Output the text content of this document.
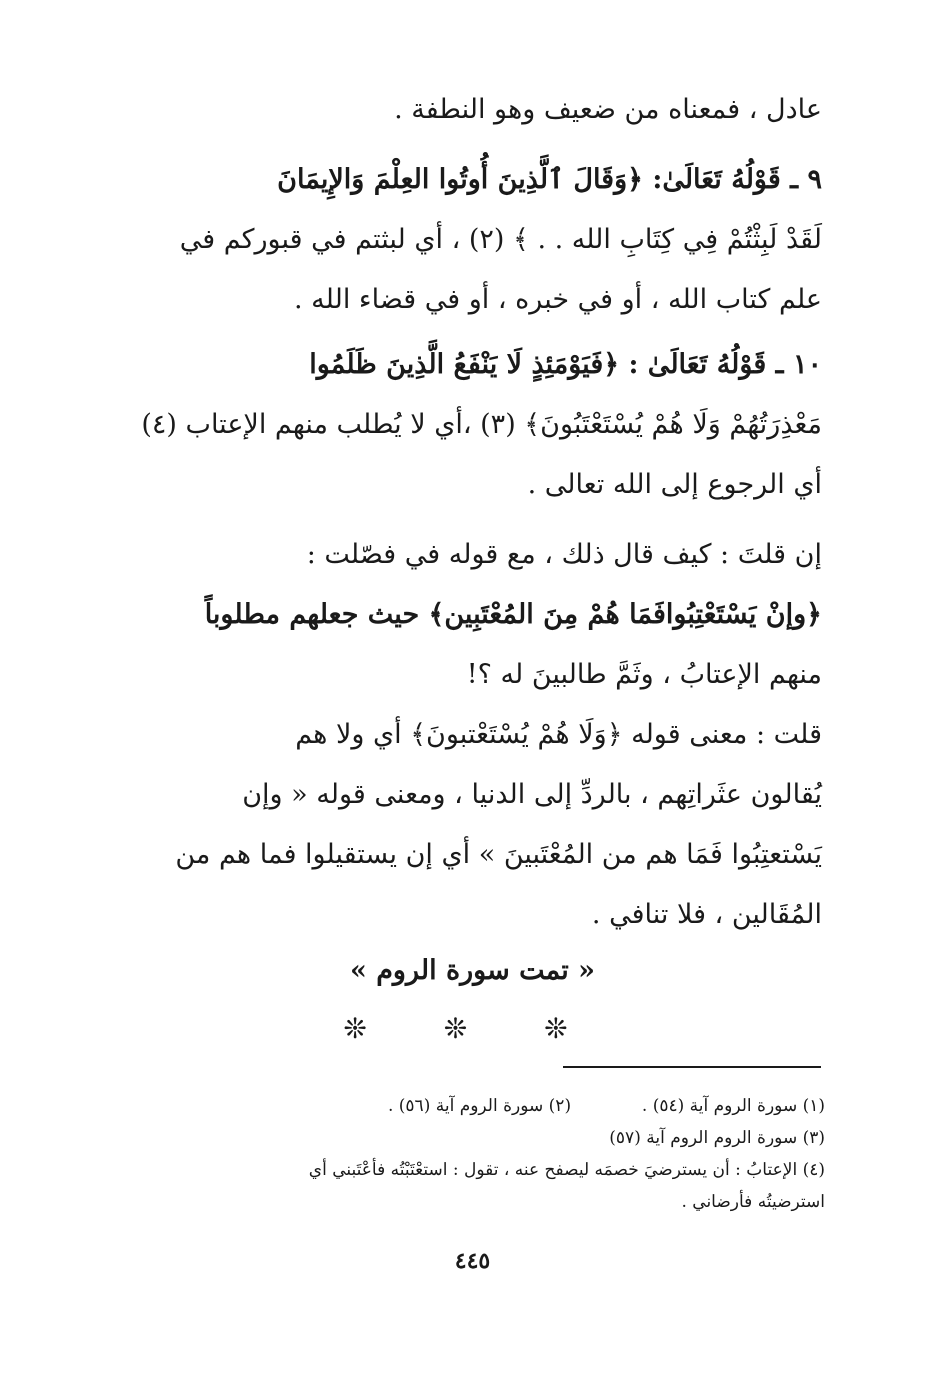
عادل ، فمعناه من ضعيف وهو النطفة .
٩ ـ قَوْلُهُ تَعَالَىٰ: ﴿وَقَالَ ٱلَّذِينَ أُوتُوا العِلْمَ وَالإِيمَانَ
لَقَدْ لَبِثْتُمْ فِي كِتَابِ الله . . ﴾ (٢) ، أي لبثتم في قبوركم في
علم كتاب الله ، أو في خبره ، أو في قضاء الله .
١٠ ـ قَوْلُهُ تَعَالَىٰ : ﴿فَيَوْمَئِذٍ لَا يَنْفَعُ الَّذِينَ ظَلَمُوا
مَعْذِرَتُهُمْ وَلَا هُمْ يُسْتَعْتَبُونَ﴾ (٣) ،أي لا يُطلب منهم الإعتاب (٤)
أي الرجوع إلى الله تعالى .
إن قلتَ : كيف قال ذلك ، مع قوله في فصّلت :
﴿وإنْ يَسْتَعْتِبُوافَمَا هُمْ مِنَ المُعْتَبِين﴾ حيث جعلهم مطلوباً
منهم الإعتابُ ، وثَمَّ طالبينَ له ؟!
قلت : معنى قوله ﴿وَلَا هُمْ يُسْتَعْتبونَ﴾ أي ولا هم
يُقالون عثَراتِهم ، بالردِّ إلى الدنيا ، ومعنى قوله « وإن
يَسْتعتِبُوا فَمَا هم من المُعْتَبينَ » أي إن يستقيلوا فما هم من
المُقَالين ، فلا تنافي .
« تمت سورة الروم »
❊ ❊ ❊
(١) سورة الروم آية (٥٤) .  (٢) سورة الروم آية (٥٦) .
(٣) سورة الروم الروم آية (٥٧)
(٤) الإعتابُ : أن يسترضيَ خصمَه ليصفح عنه ، تقول : استعْتَبْتُه فأعْتَبني أي
استرضيتُه فأرضاني .
٤٤٥
